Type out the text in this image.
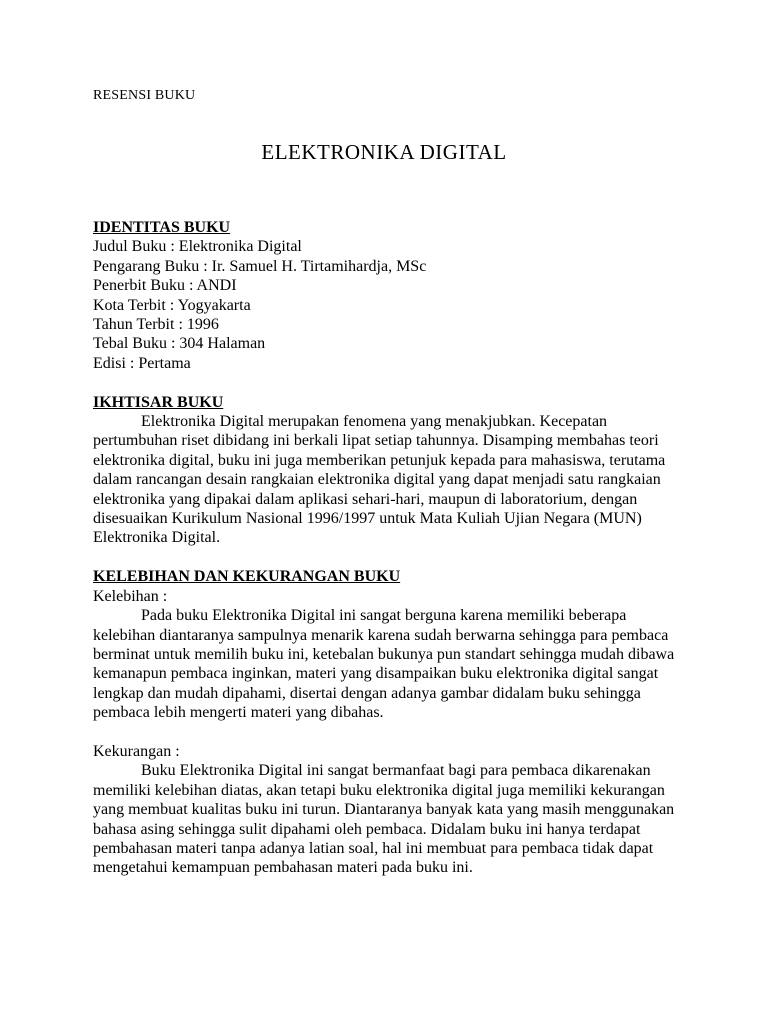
RESENSI BUKU

ELEKTRONIKA DIGITAL
IDENTITAS BUKU
Judul Buku : Elektronika Digital
Pengarang Buku : Ir. Samuel H. Tirtamihardja, MSc
Penerbit Buku : ANDI
Kota Terbit : Yogyakarta
Tahun Terbit : 1996
Tebal Buku : 304 Halaman
Edisi : Pertama
IKHTISAR BUKU

Elektronika Digital merupakan fenomena yang menakjubkan. Kecepatan pertumbuhan riset dibidang ini berkali lipat setiap tahunnya. Disamping membahas teori elektronika digital, buku ini juga memberikan petunjuk kepada para mahasiswa, terutama dalam rancangan desain rangkaian elektronika digital yang dapat menjadi satu rangkaian elektronika yang dipakai dalam aplikasi sehari-hari, maupun di laboratorium, dengan disesuaikan Kurikulum Nasional 1996/1997 untuk Mata Kuliah Ujian Negara (MUN) Elektronika Digital.

KELEBIHAN DAN KEKURANGAN BUKU

Kelebihan :

Pada buku Elektronika Digital ini sangat berguna karena memiliki beberapa kelebihan diantaranya sampulnya menarik karena sudah berwarna sehingga para pembaca berminat untuk memilih buku ini, ketebalan bukunya pun standart sehingga mudah dibawa kemanapun pembaca inginkan, materi yang disampaikan buku elektronika digital sangat lengkap dan mudah dipahami, disertai dengan adanya gambar didalam buku sehingga pembaca lebih mengerti materi yang dibahas.

Kekurangan :

Buku Elektronika Digital ini sangat bermanfaat bagi para pembaca dikarenakan memiliki kelebihan diatas, akan tetapi buku elektronika digital juga memiliki kekurangan yang membuat kualitas buku ini turun. Diantaranya banyak kata yang masih menggunakan bahasa asing sehingga sulit dipahami oleh pembaca. Didalam buku ini hanya terdapat pembahasan materi tanpa adanya latian soal, hal ini membuat para pembaca tidak dapat mengetahui kemampuan pembahasan materi pada buku ini.
